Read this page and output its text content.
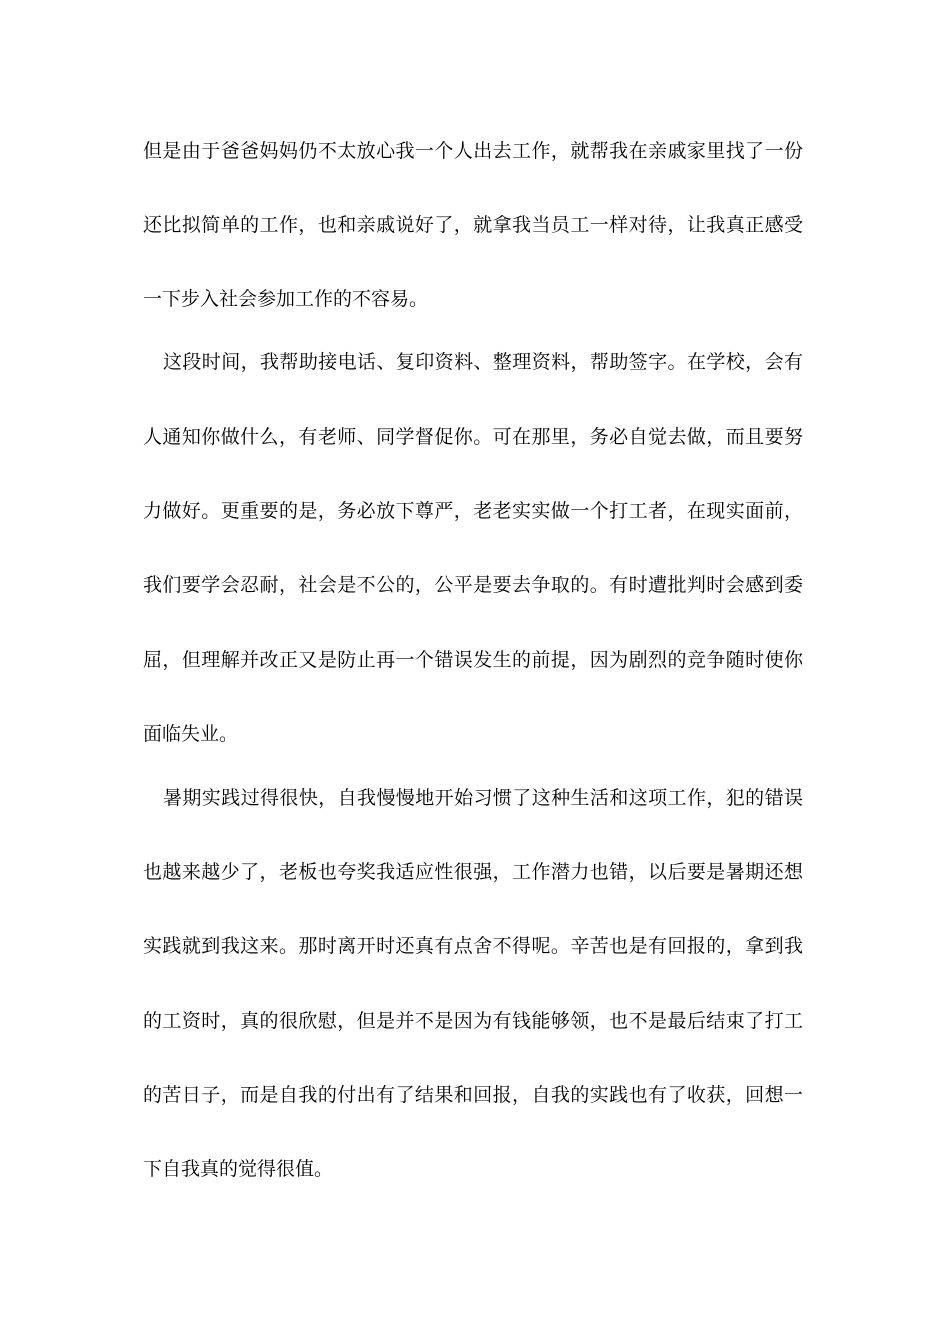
但是由于爸爸妈妈仍不太放心我一个人出去工作，就帮我在亲戚家里找了一份
还比拟简单的工作，也和亲戚说好了，就拿我当员工一样对待，让我真正感受
一下步入社会参加工作的不容易。
这段时间，我帮助接电话、复印资料、整理资料，帮助签字。在学校，会有
人通知你做什么，有老师、同学督促你。可在那里，务必自觉去做，而且要努
力做好。更重要的是，务必放下尊严，老老实实做一个打工者，在现实面前，
我们要学会忍耐，社会是不公的，公平是要去争取的。有时遭批判时会感到委
屈，但理解并改正又是防止再一个错误发生的前提，因为剧烈的竞争随时使你
面临失业。
暑期实践过得很快，自我慢慢地开始习惯了这种生活和这项工作，犯的错误
也越来越少了，老板也夸奖我适应性很强，工作潜力也错，以后要是暑期还想
实践就到我这来。那时离开时还真有点舍不得呢。辛苦也是有回报的，拿到我
的工资时，真的很欣慰，但是并不是因为有钱能够领，也不是最后结束了打工
的苦日子，而是自我的付出有了结果和回报，自我的实践也有了收获，回想一
下自我真的觉得很值。
